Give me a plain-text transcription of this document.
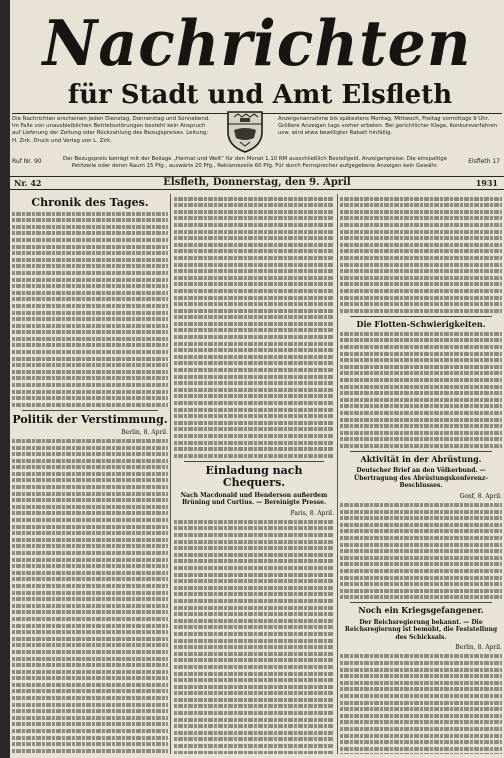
Nachrichten
für Stadt und Amt Elsfleth
Die Nachrichten erscheinen jeden Dienstag, Donnerstag und Sonnabend. Im Falle von unausbleiblichen Betriebsstörungen besteht kein Anspruch auf Lieferung der Zeitung oder Rückzahlung des Bezugspreises. Leitung: H. Zirk. Druck und Verlag von L. Zirk.
Anzeigenannahme bis spätestens Montag, Mittwoch, Freitag vormittags 9 Uhr. Größere Anzeigen tags vorher erbeten. Bei gerichtlicher Klage, Konkursverfahren usw. wird etwa bewilligter Rabatt hinfällig.
Ruf Nr. 90	Der Bezugspreis beträgt mit der Beilage „Heimat und Welt“ für den Monat 1.10 RM ausschließlich Bestellgeld. Anzeigenpreise: Die einspaltige Petitzeile oder deren Raum 15 Pfg., auswärts 20 Pfg., Reklamezeile 60 Pfg. Für durch Fernsprecher aufgegebene Anzeigen kein Gewähr.
Elsfleth 17
Nr. 42	Elsfleth, Donnerstag, den 9. April	1931
Chronik des Tages.
Politik der Verstimmung.
Berlin, 8. April.
Einladung nach Chequers.
Nach Macdonald und Henderson außerdem Brüning und Curtius. — Bereinigte Presse.
Paris, 8. April.
Die Flotten-Schwierigkeiten.
Aktivität in der Abrüstung.
Deutscher Brief an den Völkerbund. — Übertragung des Abrüstungskonferenz-Beschlusses.
Genf, 8. April.
Noch ein Kriegsgefangener.
Der Reichsregierung bekannt. — Die Reichsregierung ist bemüht, die Feststellung des Schicksals.
Berlin, 8. April.
